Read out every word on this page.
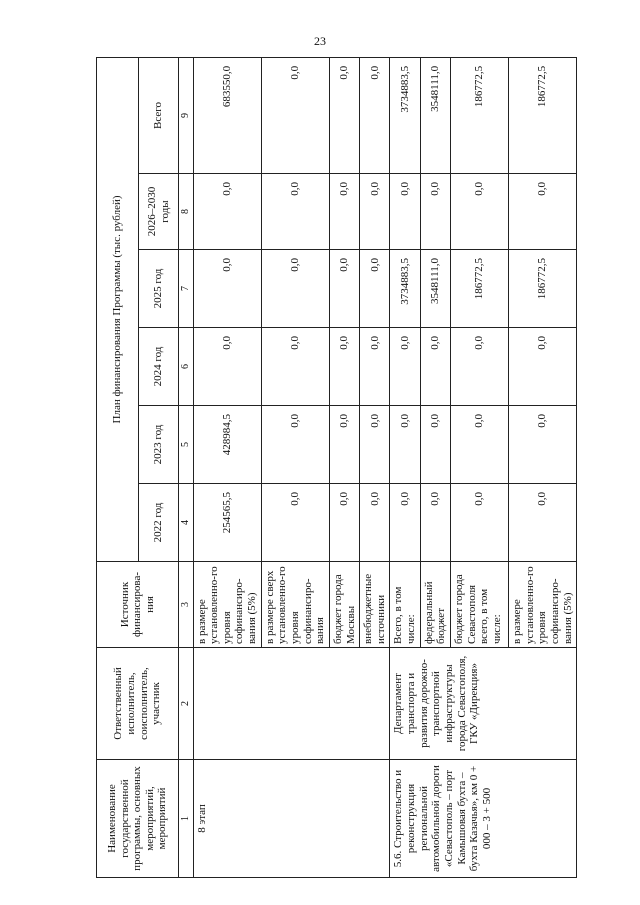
23
Наименование государственной программы, основных мероприятий, мероприятий	Ответственный исполнитель, соисполнитель, участник	Источник финансирова-ния	План финансирования Программы (тыс. рублей)					
			2022 год	2023 год	2024 год	2025 год	2026–2030 годы	Всего
1	2	3	4	5	6	7	8	9
8 этап		в размере установленно-го уровня софинансиро-вания (5%)	254565,5	428984,5	0,0	0,0	0,0	683550,0
		в размере сверх установленно-го уровня софинансиро-вания	0,0	0,0	0,0	0,0	0,0	0,0
		бюджет города Москвы	0,0	0,0	0,0	0,0	0,0	0,0
		внебюджетные источники	0,0	0,0	0,0	0,0	0,0	0,0
5.6. Строительство и реконструкция региональной автомобильной дороги «Севастополь – порт Камышовая бухта – бухта Казачья», км 0 + 000 – 3 + 500	Департамент транспорта и развития дорожно-транспортной инфраструктуры города Севастополя, ГКУ «Дирекция»	Всего, в том числе:	0,0	0,0	0,0	3734883,5	0,0	3734883,5
		федеральный бюджет	0,0	0,0	0,0	3548111,0	0,0	3548111,0
		бюджет города Севастополя всего, в том числе:	0,0	0,0	0,0	186772,5	0,0	186772,5
		в размере установленно-го уровня софинансиро-вания (5%)	0,0	0,0	0,0	186772,5	0,0	186772,5
